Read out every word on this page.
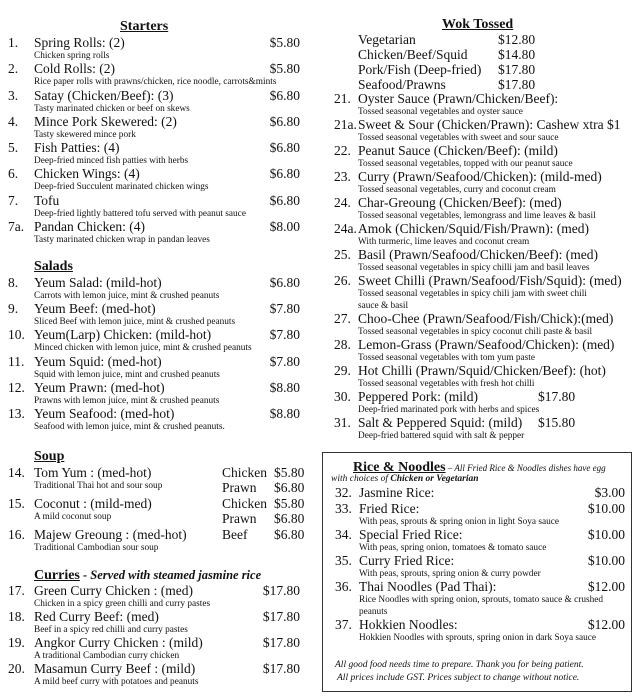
Starters
1. Spring Rolls: (2)	$5.80
Chicken spring rolls
2. Cold Rolls: (2)	$5.80
Rice paper rolls with prawns/chicken, rice noodle, carrots&mints
3. Satay (Chicken/Beef): (3)	$6.80
Tasty marinated chicken or beef on skews
4. Mince Pork Skewered: (2)	$6.80
Tasty skewered mince pork
5. Fish Patties: (4)	$6.80
Deep-fried minced fish patties with herbs
6. Chicken Wings: (4)	$6.80
Deep-fried Succulent marinated chicken wings
7. Tofu	$6.80
Deep-fried lightly battered tofu served with peanut sauce
7a. Pandan Chicken: (4)	$8.00
Tasty marinated chicken wrap in pandan leaves
Salads
8. Yeum Salad: (mild-hot)	$6.80
Carrots with lemon juice, mint & crushed peanuts
9. Yeum Beef: (med-hot)	$7.80
Sliced Beef with lemon juice, mint & crushed peanuts
10. Yeum(Larp) Chicken: (mild-hot)	$7.80
Minced chicken with lemon juice, mint & crushed peanuts
11. Yeum Squid: (med-hot)	$7.80
Squid with lemon juice, mint and crushed peanuts
12. Yeum Prawn: (med-hot)	$8.80
Prawns with lemon juice, mint & crushed peanuts
13. Yeum Seafood: (med-hot)	$8.80
Seafood with lemon juice, mint & crushed peanuts.
Soup
14. Tom Yum : (med-hot)	Chicken $5.80
Prawn $6.80
Traditional Thai hot and sour soup
15. Coconut : (mild-med)	Chicken $5.80
Prawn $6.80
A mild coconut soup
16. Majew Greoung : (med-hot)	Beef $6.80
Traditional Cambodian sour soup
Curries - Served with steamed jasmine rice
17. Green Curry Chicken : (med)	$17.80
Chicken in a spicy green chilli and curry pastes
18. Red Curry Beef: (med)	$17.80
Beef in a spicy red chilli and curry pastes
19. Angkor Curry Chicken : (mild)	$17.80
A traditional Cambodian curry chicken
20. Masamun Curry Beef : (mild)	$17.80
A mild beef curry with potatoes and peanuts
Wok Tossed
Vegetarian	$12.80
Chicken/Beef/Squid $14.80
Pork/Fish (Deep-fried) $17.80
Seafood/Prawns	$17.80
21. Oyster Sauce (Prawn/Chicken/Beef):
Tossed seasonal vegetables and oyster sauce
21a. Sweet & Sour (Chicken/Prawn): Cashew xtra $1
Tossed seasonal vegetables with sweet and sour sauce
22. Peanut Sauce (Chicken/Beef): (mild)
Tossed seasonal vegetables, topped with our peanut sauce
23. Curry (Prawn/Seafood/Chicken): (mild-med)
Tossed seasonal vegetables, curry and coconut cream
24. Char-Greoung (Chicken/Beef): (med)
Tossed seasonal vegetables, lemongrass and lime leaves & basil
24a. Amok (Chicken/Squid/Fish/Prawn): (med)
With turmeric, lime leaves and coconut cream
25. Basil (Prawn/Seafood/Chicken/Beef): (med)
Tossed seasonal vegetables in spicy chilli jam and basil leaves
26. Sweet Chilli (Prawn/Seafood/Fish/Squid): (med)
Tossed seasonal vegetables in spicy chili jam with sweet chili
sauce & basil
27. Choo-Chee (Prawn/Seafood/Fish/Chick):(med)
Tossed seasonal vegetables in spicy coconut chili paste & basil
28. Lemon-Grass (Prawn/Seafood/Chicken): (med)
Tossed seasonal vegetables with tom yum paste
29. Hot Chilli (Prawn/Squid/Chicken/Beef): (hot)
Tossed seasonal vegetables with fresh hot chilli
30. Peppered Pork: (mild)	$17.80
Deep-fried marinated pork with herbs and spices
31. Salt & Peppered Squid: (mild)	$15.80
Deep-fried battered squid with salt & pepper
Rice & Noodles – All Fried Rice & Noodles dishes have egg
with choices of Chicken or Vegetarian
32. Jasmine Rice:	$3.00
33. Fried Rice:	$10.00
With peas, sprouts & spring onion in light Soya sauce
34. Special Fried Rice:	$10.00
With peas, spring onion, tomatoes & tomato sauce
35. Curry Fried Rice:	$10.00
With peas, sprouts, spring onion & curry powder
36. Thai Noodles (Pad Thai):	$12.00
Rice Noodles with spring onion, sprouts, tomato sauce & crushed
peanuts
37. Hokkien Noodles:	$12.00
Hokkien Noodles with sprouts, spring onion in dark Soya sauce
All good food needs time to prepare. Thank you for being patient.
All prices include GST. Prices subject to change without notice.
